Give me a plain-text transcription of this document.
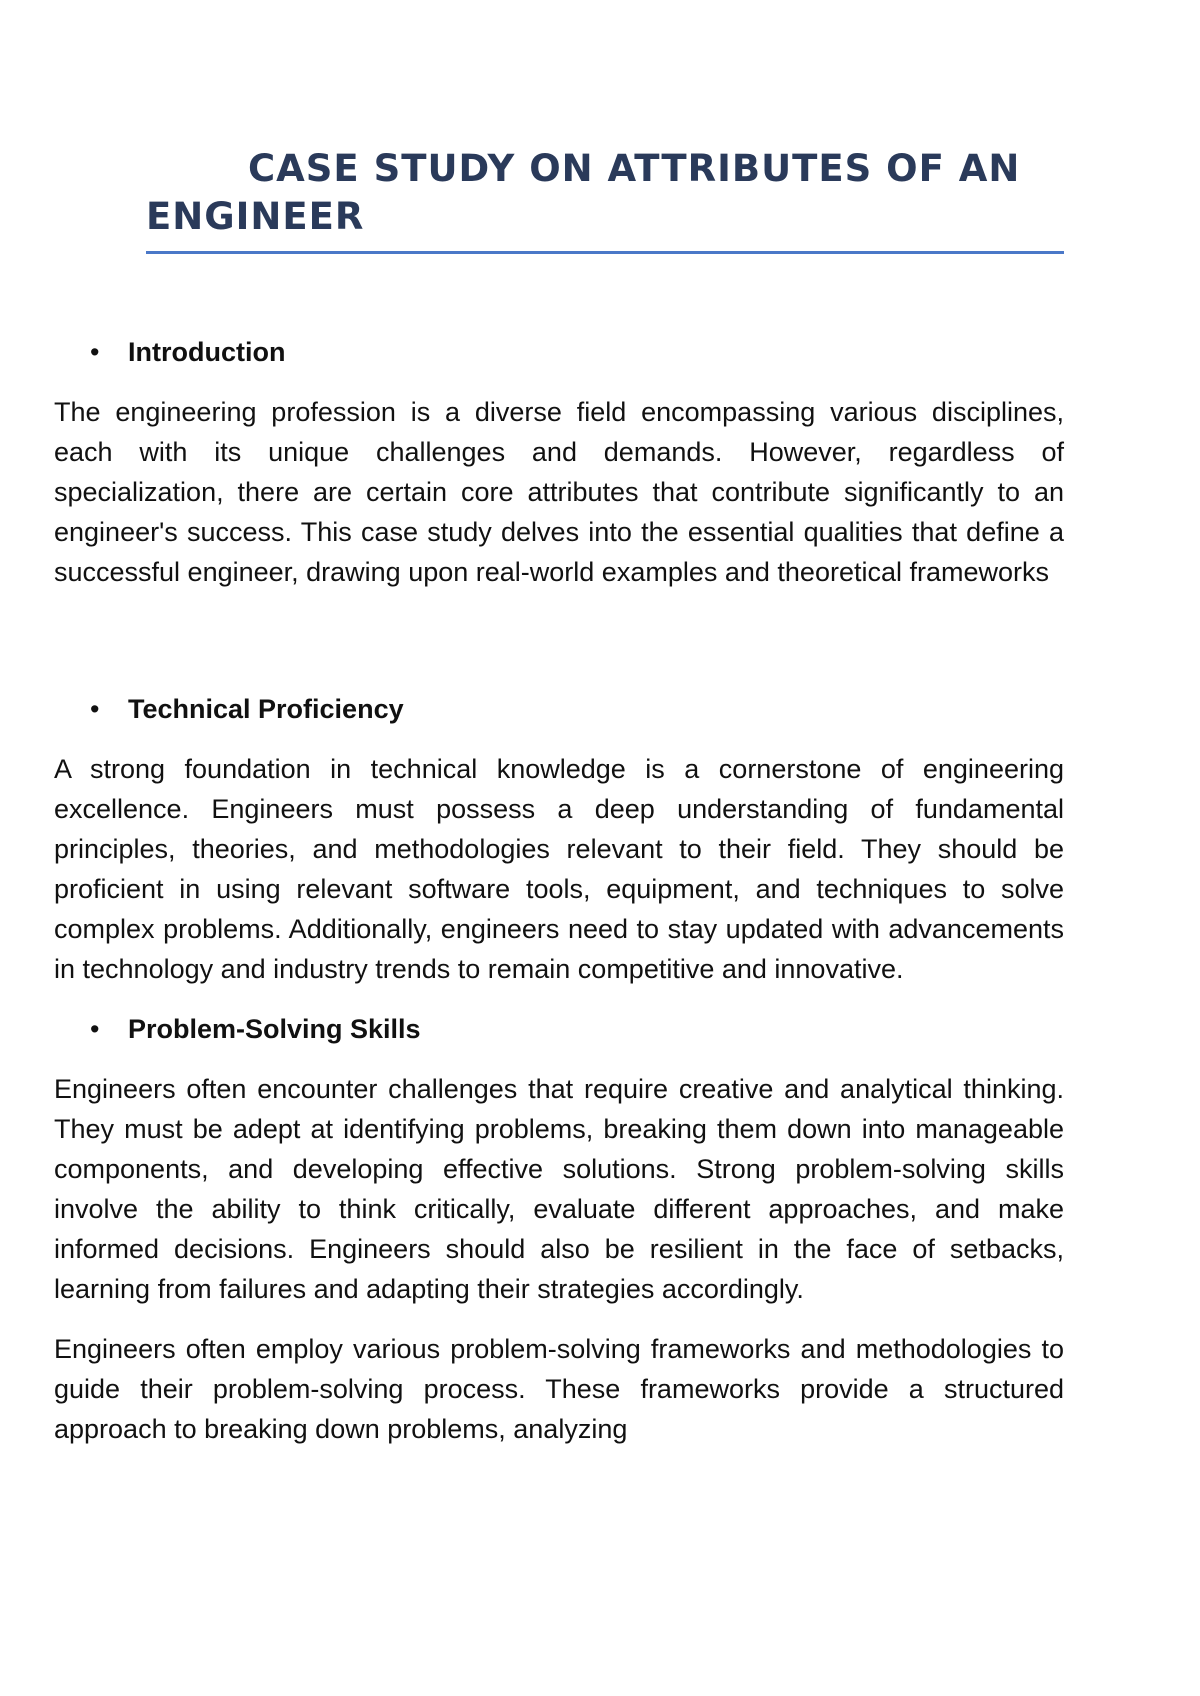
CASE STUDY ON ATTRIBUTES OF AN ENGINEER
• Introduction

The engineering profession is a diverse field encompassing various disciplines, each with its unique challenges and demands. However, regardless of specialization, there are certain core attributes that contribute significantly to an engineer's success. This case study delves into the essential qualities that define a successful engineer, drawing upon real-world examples and theoretical frameworks

• Technical Proficiency

A strong foundation in technical knowledge is a cornerstone of engineering excellence. Engineers must possess a deep understanding of fundamental principles, theories, and methodologies relevant to their field. They should be proficient in using relevant software tools, equipment, and techniques to solve complex problems. Additionally, engineers need to stay updated with advancements in technology and industry trends to remain competitive and innovative.

• Problem-Solving Skills

Engineers often encounter challenges that require creative and analytical thinking. They must be adept at identifying problems, breaking them down into manageable components, and developing effective solutions. Strong problem-solving skills involve the ability to think critically, evaluate different approaches, and make informed decisions. Engineers should also be resilient in the face of setbacks, learning from failures and adapting their strategies accordingly.

Engineers often employ various problem-solving frameworks and methodologies to guide their problem-solving process. These frameworks provide a structured approach to breaking down problems, analyzing
